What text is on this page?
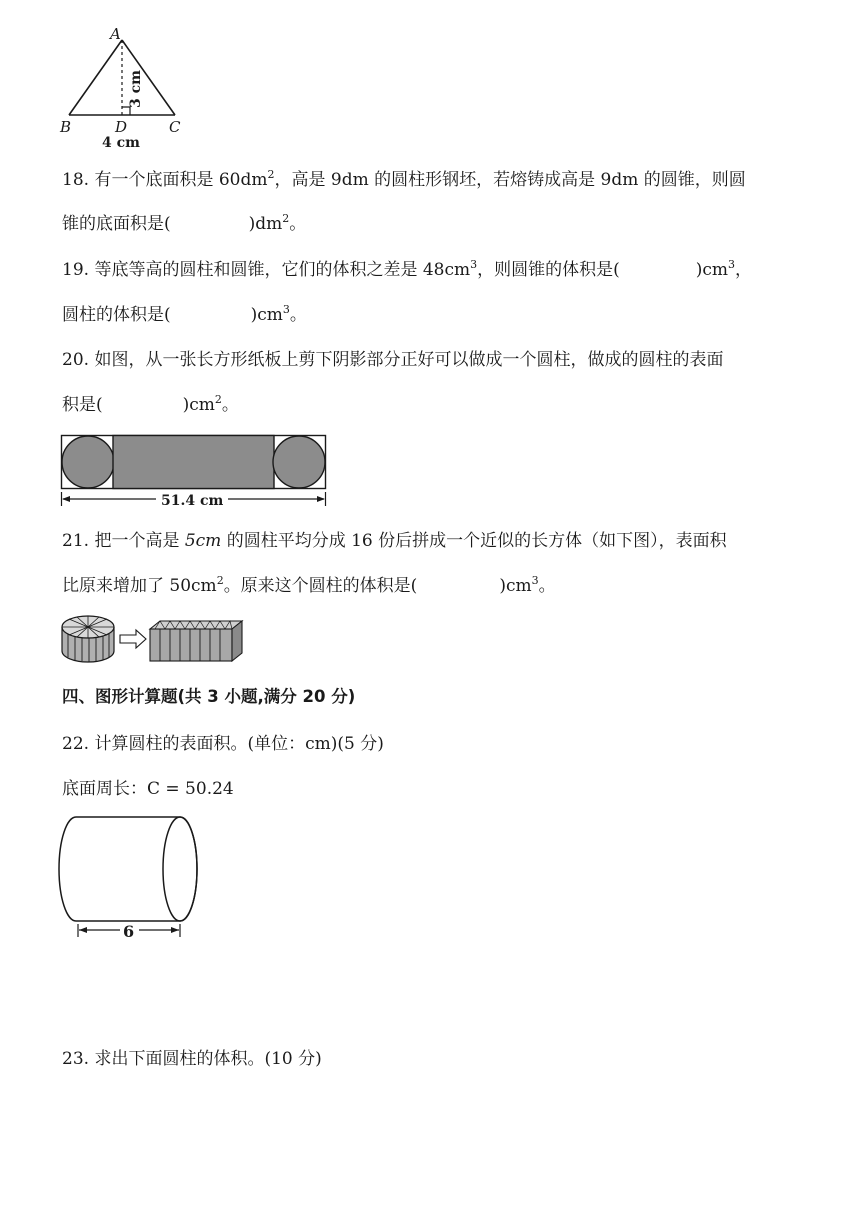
A
B	D	C
3 cm
4 cm
18. 有一个底面积是 $60dm^2$，高是 9dm 的圆柱形钢坯，若熔铸成高是 9dm 的圆锥，则圆
锥的底面积是(	)$dm^2$。
19. 等底等高的圆柱和圆锥，它们的体积之差是 $48cm^3$，则圆锥的体积是(	)$cm^3$，
圆柱的体积是(	)$cm^3$。
20. 如图，从一张长方形纸板上剪下阴影部分正好可以做成一个圆柱，做成的圆柱的表面
积是(	)$cm^2$。
51.4 cm
21. 把一个高是 5cm 的圆柱平均分成 16 份后拼成一个近似的长方体（如下图），表面积
比原来增加了 $50cm^2$。原来这个圆柱的体积是(	)$cm^3$。
四、图形计算题(共 3 小题,满分 20 分)
22. 计算圆柱的表面积。(单位：cm)(5 分)
底面周长：C = 50.24
6
23. 求出下面圆柱的体积。(10 分)
